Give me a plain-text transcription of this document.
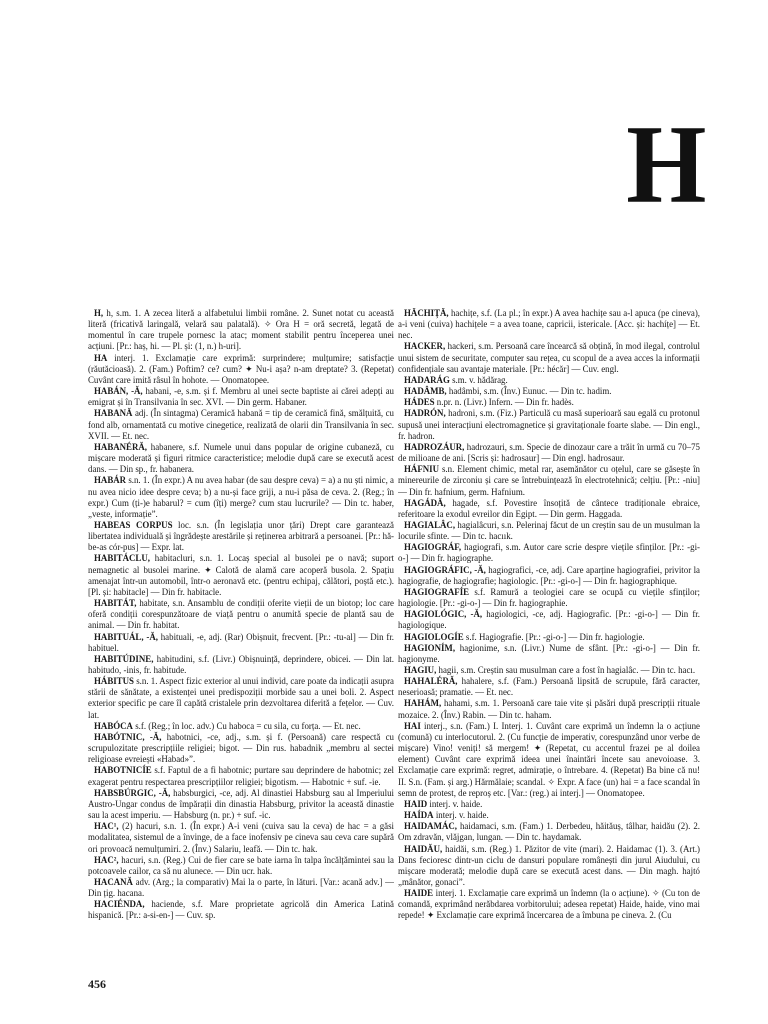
H

H, h, s.m. 1. A zecea literă a alfabetului limbii române. 2. Sunet notat cu această literă (fricativă laringală, velară sau palatală). ✧ Ora H = oră secretă, legată de momentul în care trupele pornesc la atac; moment stabilit pentru începerea unei acțiuni. [Pr.: haș, hi. — Pl. și: (1, n.) h-uri].

HA interj. 1. Exclamație care exprimă: surprindere; mulțumire; satisfacție (răutăcioasă). 2. (Fam.) Poftim? ce? cum? ✦ Nu-i așa? n-am dreptate? 3. (Repetat) Cuvânt care imită râsul în hohote. — Onomatopee.

HABÁN, -Ă, habani, -e, s.m. și f. Membru al unei secte baptiste ai cărei adepți au emigrat și în Transilvania în sec. XVI. — Din germ. Habaner.

HABANĂ adj. (În sintagma) Ceramică habană = tip de ceramică fină, smălțuită, cu fond alb, ornamentată cu motive cinegetice, realizată de olarii din Transilvania în sec. XVII. — Et. nec.

HABANÉRĂ, habanere, s.f. Numele unui dans popular de origine cubaneză, cu mișcare moderată și figuri ritmice caracteristice; melodie după care se execută acest dans. — Din sp., fr. habanera.

HABÁR s.n. 1. (În expr.) A nu avea habar (de sau despre ceva) = a) a nu ști nimic, a nu avea nicio idee despre ceva; b) a nu-și face griji, a nu-i păsa de ceva. 2. (Reg.; în expr.) Cum (ți-)e habarul? = cum (îți) merge? cum stau lucrurile? — Din tc. haber, „veste, informație”.

HABEAS CORPUS loc. s.n. (În legislația unor țări) Drept care garantează libertatea individuală și îngrădește arestările și reținerea arbitrară a persoanei. [Pr.: hă-be-as cór-pus] — Expr. lat.

HABITÁCLU, habitacluri, s.n. 1. Locaș special al busolei pe o navă; suport nemagnetic al busolei marine. ✦ Calotă de alamă care acoperă busola. 2. Spațiu amenajat într-un automobil, într-o aeronavă etc. (pentru echipaj, călători, poștă etc.). [Pl. și: habitacle] — Din fr. habitacle.

HABITÁT, habitate, s.n. Ansamblu de condiții oferite vieții de un biotop; loc care oferă condiții corespunzătoare de viață pentru o anumită specie de plantă sau de animal. — Din fr. habitat.

HABITUÁL, -Ă, habituali, -e, adj. (Rar) Obișnuit, frecvent. [Pr.: -tu-al] — Din fr. habituel.

HABITÚDINE, habitudini, s.f. (Livr.) Obișnuință, deprindere, obicei. — Din lat. habitudo, -inis, fr. habitude.

HÁBITUS s.n. 1. Aspect fizic exterior al unui individ, care poate da indicații asupra stării de sănătate, a existenței unei predispoziții morbide sau a unei boli. 2. Aspect exterior specific pe care îl capătă cristalele prin dezvoltarea diferită a fețelor. — Cuv. lat.

HABÓCA s.f. (Reg.; în loc. adv.) Cu haboca = cu sila, cu forța. — Et. nec.

HABÓTNIC, -Ă, habotnici, -ce, adj., s.m. și f. (Persoană) care respectă cu scrupulozitate prescripțiile religiei; bigot. — Din rus. habadnik „membru al sectei religioase evreiești «Habad»”.

HABOTNICÍE s.f. Faptul de a fi habotnic; purtare sau deprindere de habotnic; zel exagerat pentru respectarea prescripțiilor religiei; bigotism. — Habotnic + suf. -ie.

HABSBÚRGIC, -Ă, habsburgici, -ce, adj. Al dinastiei Habsburg sau al Imperiului Austro-Ungar condus de împărații din dinastia Habsburg, privitor la această dinastie sau la acest imperiu. — Habsburg (n. pr.) + suf. -ic.

HAC¹, (2) hacuri, s.n. 1. (În expr.) A-i veni (cuiva sau la ceva) de hac = a găsi modalitatea, sistemul de a învinge, de a face inofensiv pe cineva sau ceva care supără ori provoacă nemulțumiri. 2. (Înv.) Salariu, leafă. — Din tc. hak.

HAC², hacuri, s.n. (Reg.) Cui de fier care se bate iarna în talpa încălțămintei sau la potcoavele cailor, ca să nu alunece. — Din ucr. hak.

HACANĂ adv. (Arg.; la comparativ) Mai la o parte, în lături. [Var.: acană adv.] — Din țig. hacana.

HACIÉNDA, haciende, s.f. Mare proprietate agricolă din America Latină hispanică. [Pr.: a-si-en-] — Cuv. sp.

HĂCHIȚĂ, hachițe, s.f. (La pl.; în expr.) A avea hachițe sau a-l apuca (pe cineva), a-i veni (cuiva) hachițele = a avea toane, capricii, istericale. [Acc. și: hachíțe] — Et. nec.

HACKER, hackeri, s.m. Persoană care încearcă să obțină, în mod ilegal, controlul unui sistem de securitate, computer sau rețea, cu scopul de a avea acces la informații confidențiale sau avantaje materiale. [Pr.: hécăr] — Cuv. engl.

HADARÁG s.m. v. hădărag.

HADÂMB, hadâmbi, s.m. (Înv.) Eunuc. — Din tc. hadim.

HÁDES n.pr. n. (Livr.) Infern. — Din fr. hadès.

HADRÓN, hadroni, s.m. (Fiz.) Particulă cu masă superioară sau egală cu protonul supusă unei interacțiuni electromagnetice și gravitaționale foarte slabe. — Din engl., fr. hadron.

HADROZÁUR, hadrozauri, s.m. Specie de dinozaur care a trăit în urmă cu 70–75 de milioane de ani. [Scris și: hadrosaur] — Din engl. hadrosaur.

HÁFNIU s.n. Element chimic, metal rar, asemănător cu oțelul, care se găsește în minereurile de zirconiu și care se întrebuințează în electrotehnică; celțiu. [Pr.: -niu] — Din fr. hafnium, germ. Hafnium.

HAGÁDĂ, hagade, s.f. Povestire însoțită de cântece tradiționale ebraice, referitoare la exodul evreilor din Egipt. — Din germ. Haggada.

HAGIALÂC, hagialâcuri, s.n. Pelerinaj făcut de un creștin sau de un musulman la locurile sfinte. — Din tc. hacıık.

HAGIOGRÁF, hagiografi, s.m. Autor care scrie despre viețile sfinților. [Pr.: -gi-o-] — Din fr. hagiographe.

HAGIOGRÁFIC, -Ă, hagiografici, -ce, adj. Care aparține hagiografiei, privitor la hagiografie, de hagiografie; hagiologic. [Pr.: -gi-o-] — Din fr. hagiographique.

HAGIOGRAFÍE s.f. Ramură a teologiei care se ocupă cu viețile sfinților; hagiologie. [Pr.: -gi-o-] — Din fr. hagiographie.

HAGIOLÓGIC, -Ă, hagiologici, -ce, adj. Hagiografic. [Pr.: -gi-o-] — Din fr. hagiologique.

HAGIOLOGÍE s.f. Hagiografie. [Pr.: -gi-o-] — Din fr. hagiologie.

HAGIONÍM, hagionime, s.n. (Livr.) Nume de sfânt. [Pr.: -gi-o-] — Din fr. hagionyme.

HAGIU, hagii, s.m. Creștin sau musulman care a fost în hagialâc. — Din tc. hacı.

HAHALÉRĂ, hahalere, s.f. (Fam.) Persoană lipsită de scrupule, fără caracter, neserioasă; pramatie. — Et. nec.

HAHÁM, hahami, s.m. 1. Persoană care taie vite și păsări după prescripții rituale mozaice. 2. (Înv.) Rabin. — Din tc. haham.

HAI interj., s.n. (Fam.) I. Interj. 1. Cuvânt care exprimă un îndemn la o acțiune (comună) cu interlocutorul. 2. (Cu funcție de imperativ, corespunzând unor verbe de mișcare) Vino! veniți! să mergem! ✦ (Repetat, cu accentul frazei pe al doilea element) Cuvânt care exprimă ideea unei înaintări încete sau anevoioase. 3. Exclamație care exprimă: regret, admirație, o întrebare. 4. (Repetat) Ba bine că nu! II. S.n. (Fam. și arg.) Hărmălaie; scandal. ✧ Expr. A face (un) hai = a face scandal în semn de protest, de reproș etc. [Var.: (reg.) ai interj.] — Onomatopee.

HAID interj. v. haide.

HAÍDA interj. v. haide.

HAIDAMÁC, haidamaci, s.m. (Fam.) 1. Derbedeu, hăităuș, tâlhar, haidău (2). 2. Om zdravăn, vlăjgan, lungan. — Din tc. haydamak.

HAIDĂU, haidăi, s.m. (Reg.) 1. Păzitor de vite (mari). 2. Haidamac (1). 3. (Art.) Dans fecioresc dintr-un ciclu de dansuri populare românești din jurul Aiudului, cu mișcare moderată; melodie după care se execută acest dans. — Din magh. hajtó „mânător, gonaci”.

HAIDE interj. 1. Exclamație care exprimă un îndemn (la o acțiune). ✧ (Cu ton de comandă, exprimând nerăbdarea vorbitorului; adesea repetat) Haide, haide, vino mai repede! ✦ Exclamație care exprimă încercarea de a îmbuna pe cineva. 2. (Cu

456
